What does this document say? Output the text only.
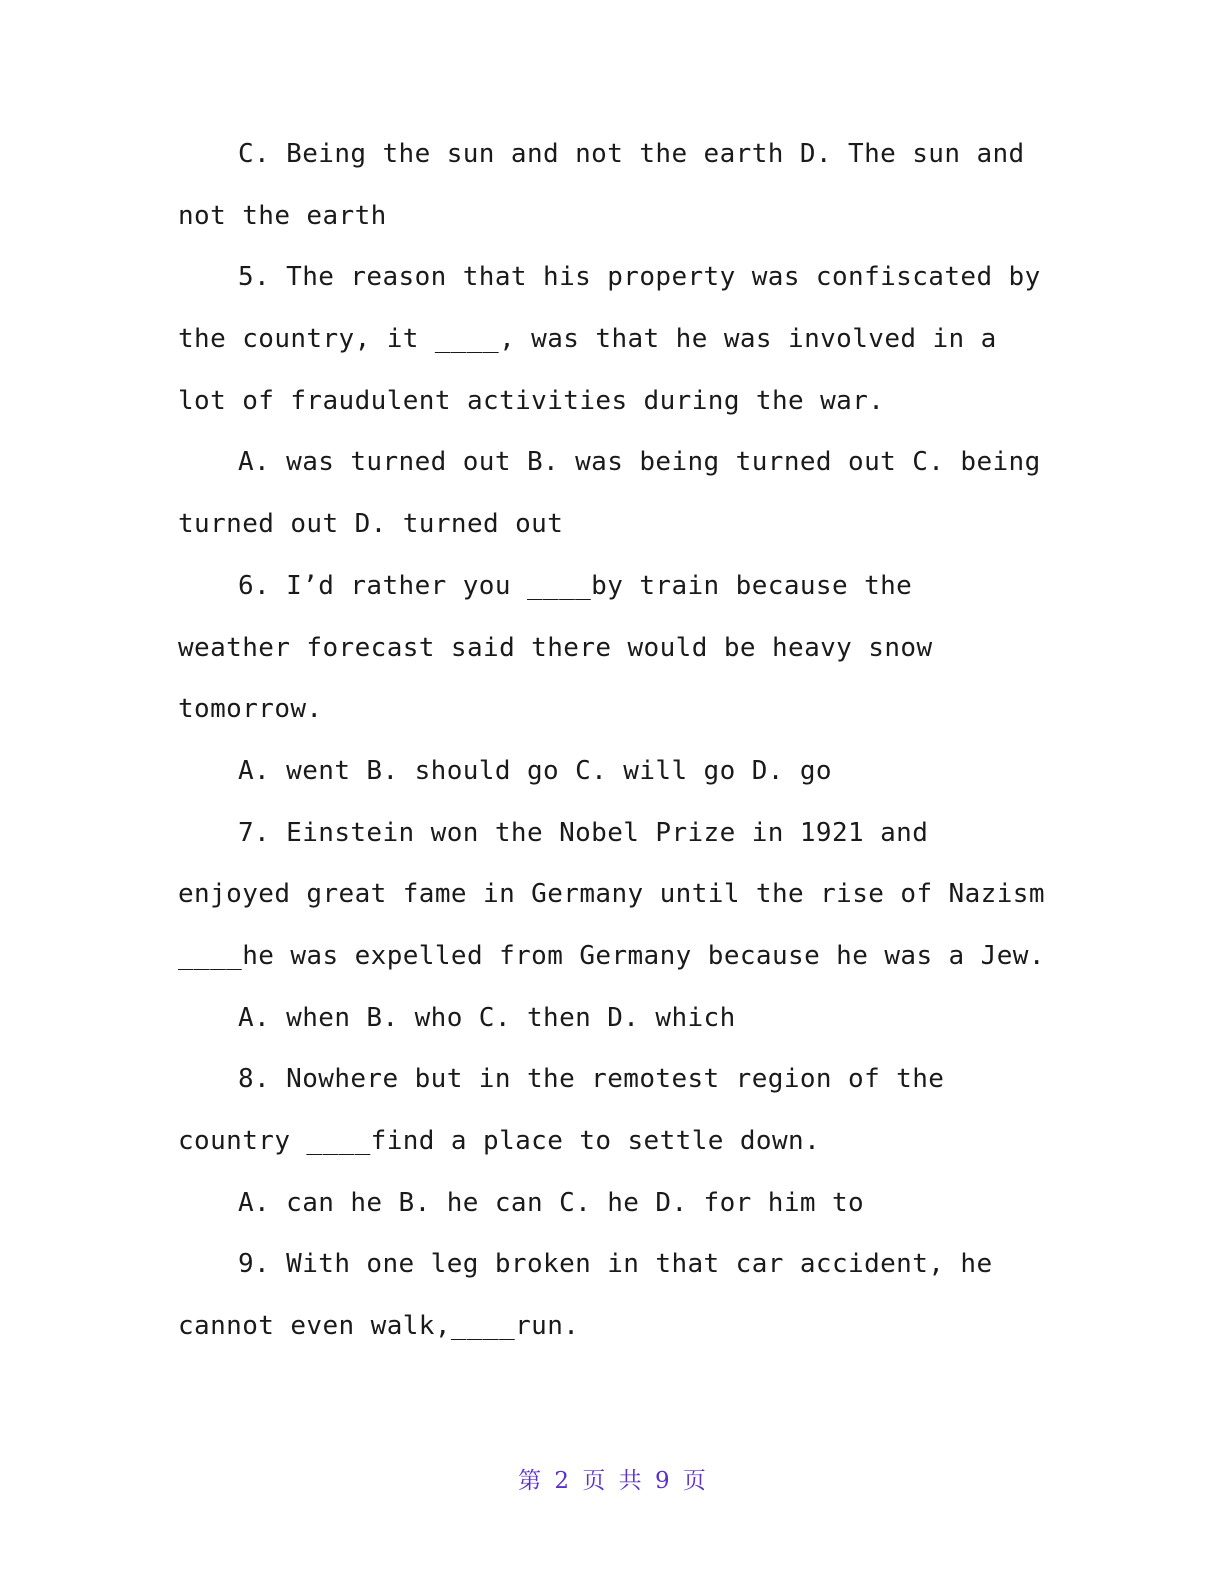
C. Being the sun and not the earth D. The sun and
not the earth
5. The reason that his property was confiscated by
the country, it ____, was that he was involved in a
lot of fraudulent activities during the war.
A. was turned out B. was being turned out C. being
turned out D. turned out
6. I’d rather you ____by train because the
weather forecast said there would be heavy snow
tomorrow.
A. went B. should go C. will go D. go
7. Einstein won the Nobel Prize in 1921 and
enjoyed great fame in Germany until the rise of Nazism
____he was expelled from Germany because he was a Jew.
A. when B. who C. then D. which
8. Nowhere but in the remotest region of the
country ____find a place to settle down.
A. can he B. he can C. he D. for him to
9. With one leg broken in that car accident, he
cannot even walk,____run.
第 2 页 共 9 页
